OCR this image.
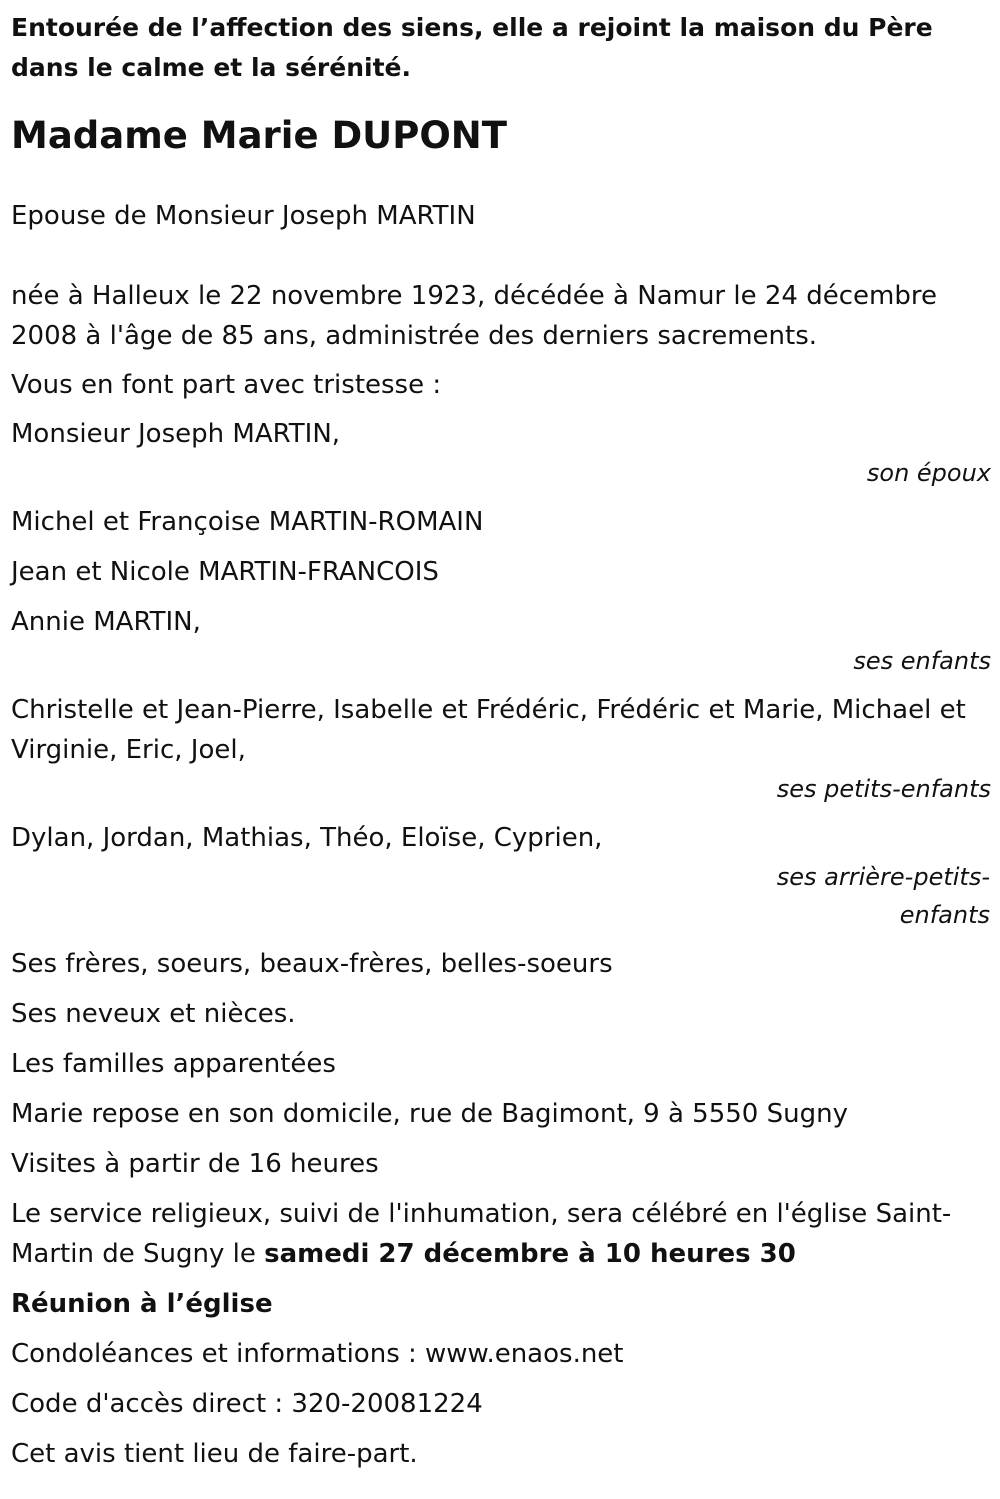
Entourée de l’affection des siens, elle a rejoint la maison du Père dans le calme et la sérénité.

Madame Marie DUPONT

Epouse de Monsieur Joseph MARTIN

née à Halleux le 22 novembre 1923, décédée à Namur le 24 décembre 2008 à l'âge de 85 ans, administrée des derniers sacrements.

Vous en font part avec tristesse :

Monsieur Joseph MARTIN,

son époux

Michel et Françoise MARTIN-ROMAIN

Jean et Nicole MARTIN-FRANCOIS

Annie MARTIN,

ses enfants

Christelle et Jean-Pierre, Isabelle et Frédéric, Frédéric et Marie, Michael et Virginie, Eric, Joel,

ses petits-enfants

Dylan, Jordan, Mathias, Théo, Eloïse, Cyprien,

ses arrière-petits-enfants

Ses frères, soeurs, beaux-frères, belles-soeurs

Ses neveux et nièces.

Les familles apparentées

Marie repose en son domicile, rue de Bagimont, 9 à 5550 Sugny

Visites à partir de 16 heures

Le service religieux, suivi de l'inhumation, sera célébré en l'église Saint-Martin de Sugny le samedi 27 décembre à 10 heures 30

Réunion à l’église

Condoléances et informations : www.enaos.net

Code d'accès direct : 320-20081224

Cet avis tient lieu de faire-part.
